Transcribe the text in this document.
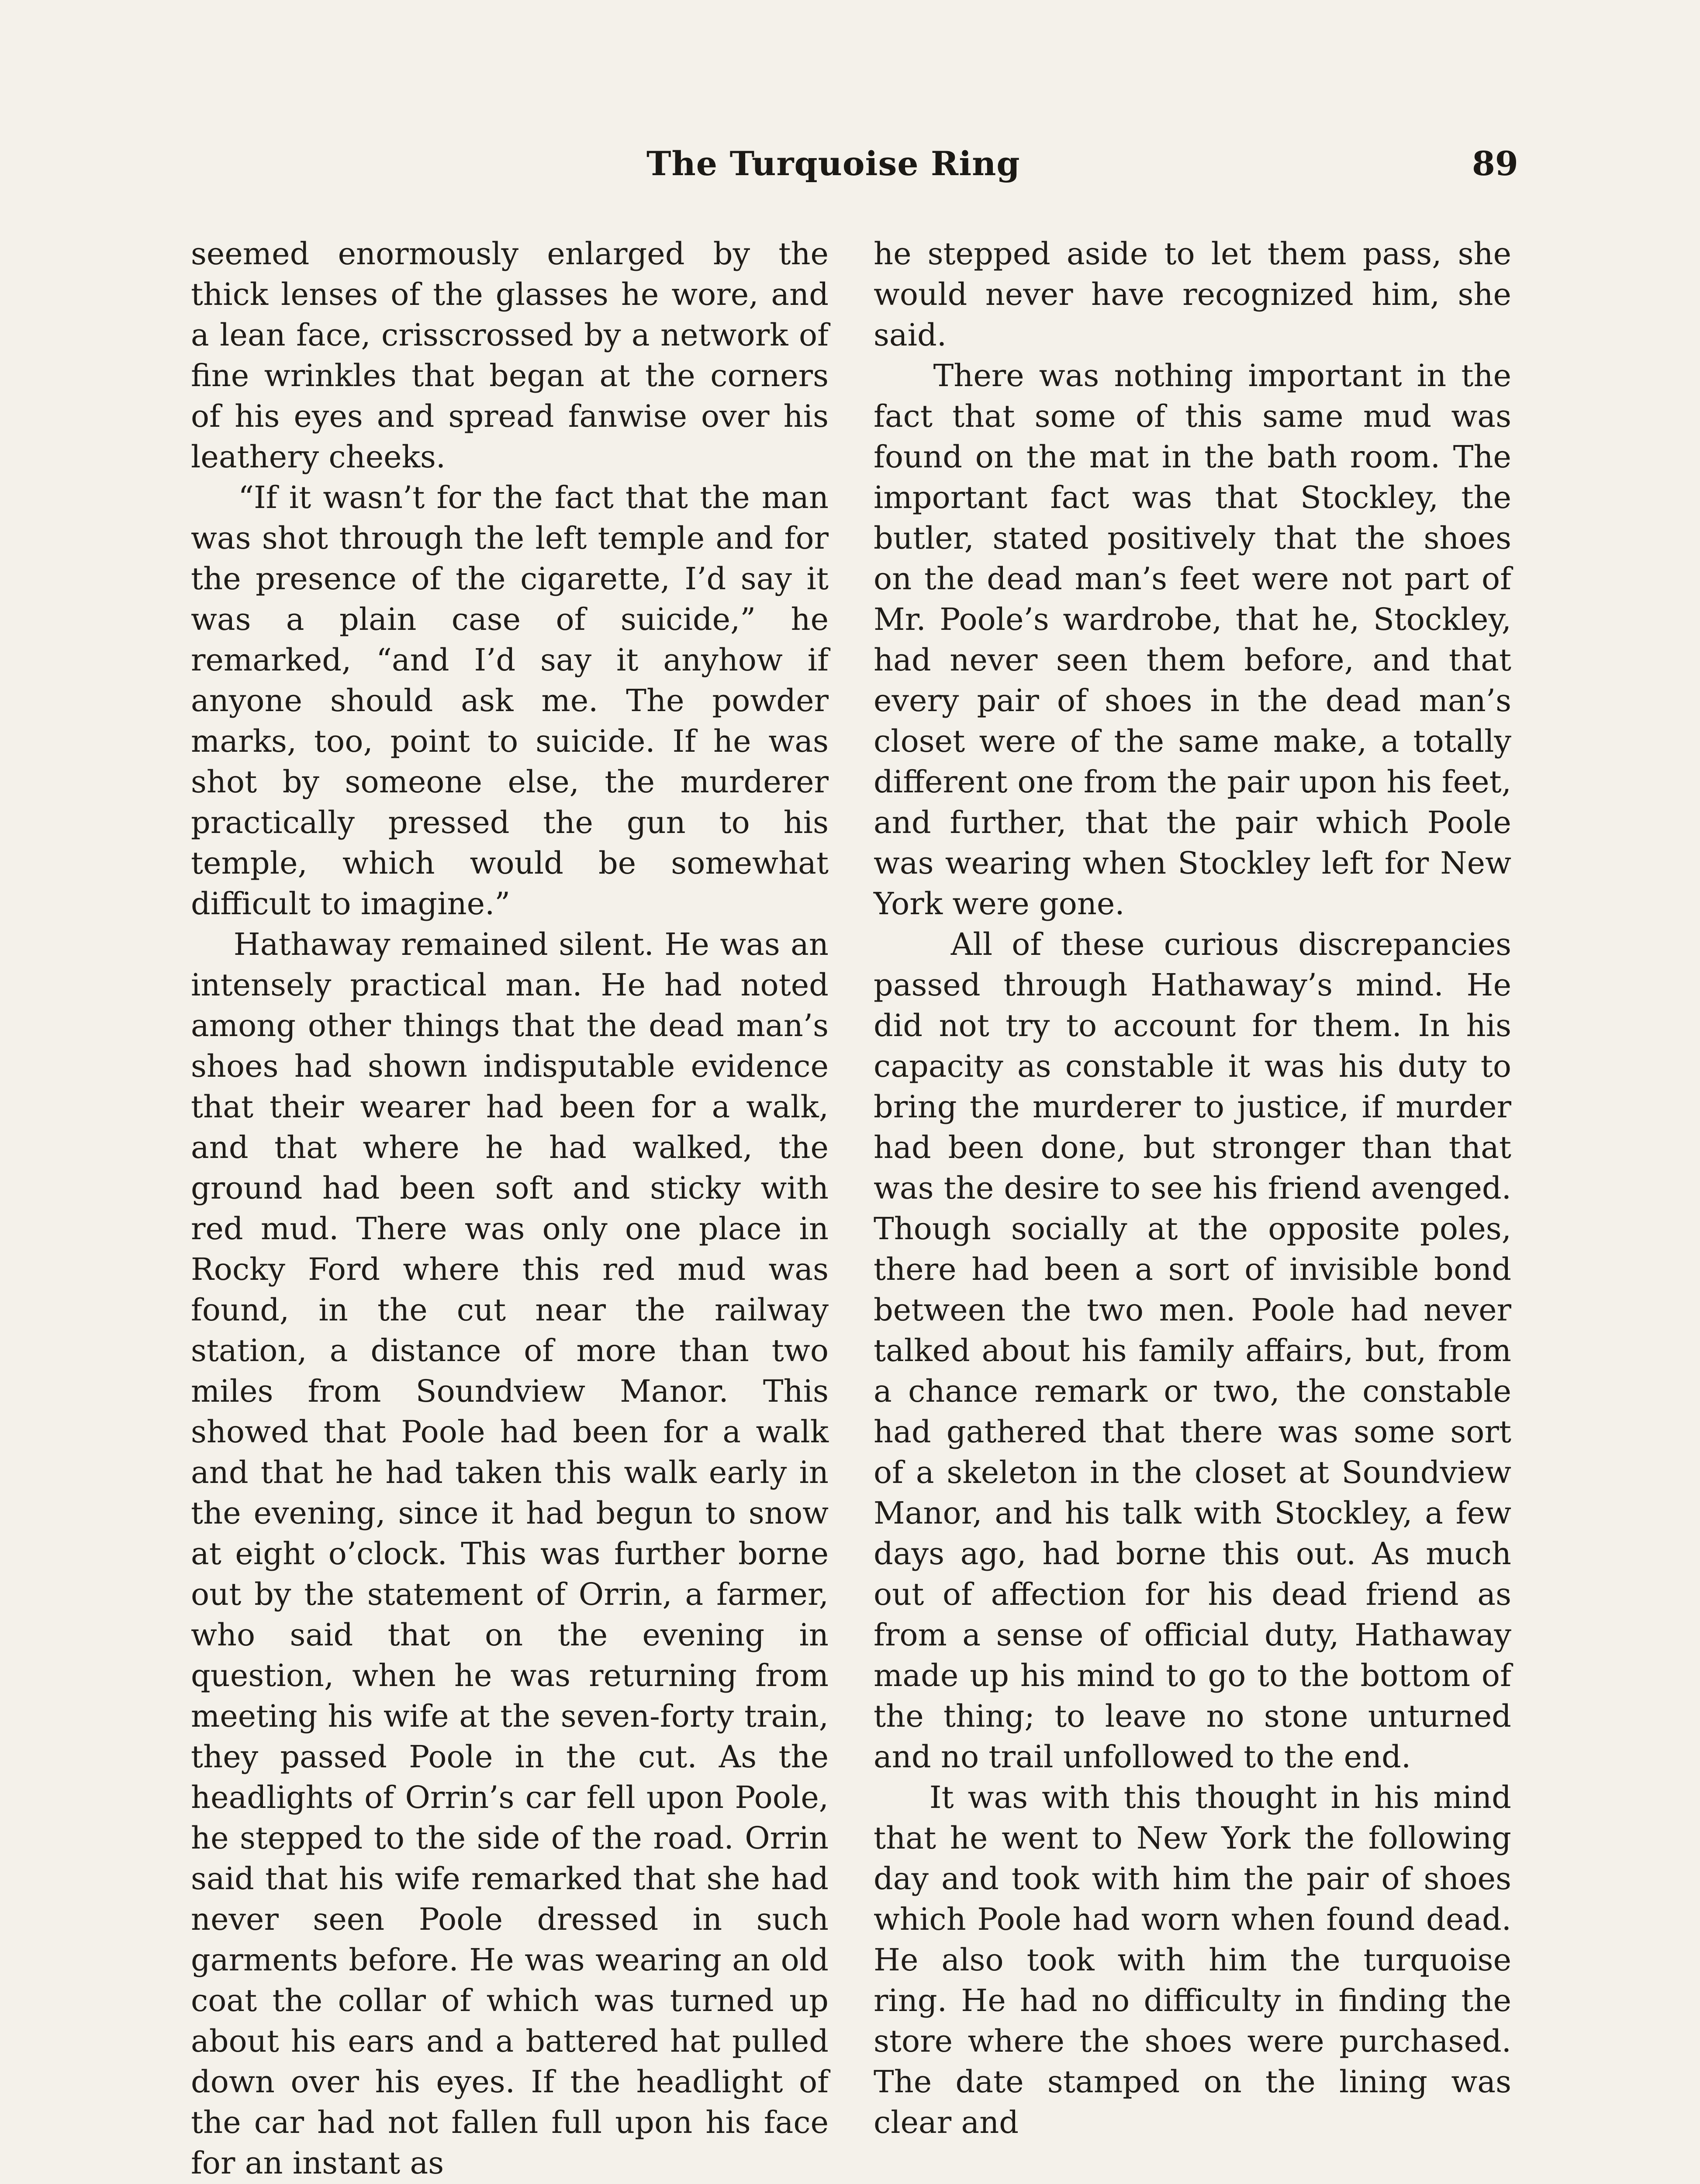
The Turquoise Ring	89
seemed enormously enlarged by the thick lenses of the glasses he wore, and a lean face, crisscrossed by a network of fine wrinkles that began at the corners of his eyes and spread fanwise over his leathery cheeks.
“If it wasn’t for the fact that the man was shot through the left temple and for the presence of the cigarette, I’d say it was a plain case of suicide,” he remarked, “and I’d say it anyhow if anyone should ask me. The powder marks, too, point to suicide. If he was shot by someone else, the murderer practically pressed the gun to his temple, which would be somewhat difficult to imagine.”
Hathaway remained silent. He was an intensely practical man. He had noted among other things that the dead man’s shoes had shown indisputable evidence that their wearer had been for a walk, and that where he had walked, the ground had been soft and sticky with red mud. There was only one place in Rocky Ford where this red mud was found, in the cut near the railway station, a distance of more than two miles from Soundview Manor. This showed that Poole had been for a walk and that he had taken this walk early in the evening, since it had begun to snow at eight o’clock. This was further borne out by the statement of Orrin, a farmer, who said that on the evening in question, when he was returning from meeting his wife at the seven-forty train, they passed Poole in the cut. As the headlights of Orrin’s car fell upon Poole, he stepped to the side of the road. Orrin said that his wife remarked that she had never seen Poole dressed in such garments before. He was wearing an old coat the collar of which was turned up about his ears and a battered hat pulled down over his eyes. If the headlight of the car had not fallen full upon his face for an instant as
he stepped aside to let them pass, she would never have recognized him, she said.
There was nothing important in the fact that some of this same mud was found on the mat in the bath room. The important fact was that Stockley, the butler, stated positively that the shoes on the dead man’s feet were not part of Mr. Poole’s wardrobe, that he, Stockley, had never seen them before, and that every pair of shoes in the dead man’s closet were of the same make, a totally different one from the pair upon his feet, and further, that the pair which Poole was wearing when Stockley left for New York were gone.
All of these curious discrepancies passed through Hathaway’s mind. He did not try to account for them. In his capacity as constable it was his duty to bring the murderer to justice, if murder had been done, but stronger than that was the desire to see his friend avenged. Though socially at the opposite poles, there had been a sort of invisible bond between the two men. Poole had never talked about his family affairs, but, from a chance remark or two, the constable had gathered that there was some sort of a skeleton in the closet at Soundview Manor, and his talk with Stockley, a few days ago, had borne this out. As much out of affection for his dead friend as from a sense of official duty, Hathaway made up his mind to go to the bottom of the thing; to leave no stone unturned and no trail unfollowed to the end.
It was with this thought in his mind that he went to New York the following day and took with him the pair of shoes which Poole had worn when found dead. He also took with him the turquoise ring. He had no difficulty in finding the store where the shoes were purchased. The date stamped on the lining was clear and
